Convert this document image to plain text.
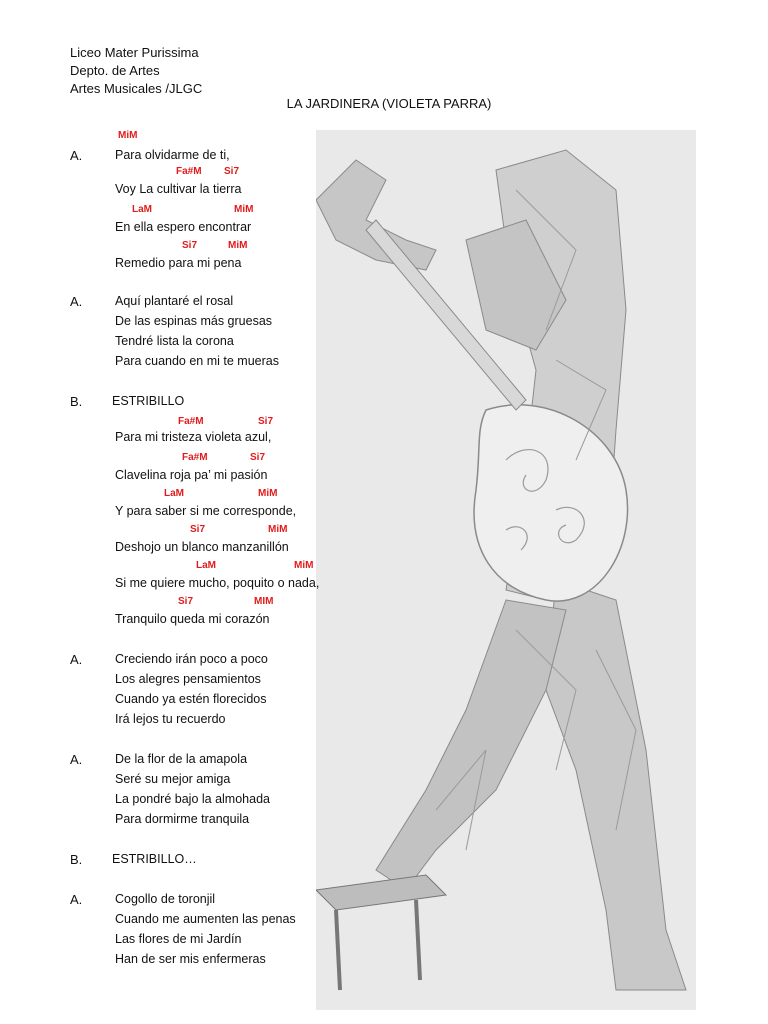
Liceo Mater Purissima
Depto. de Artes
Artes Musicales /JLGC
LA JARDINERA (VIOLETA PARRA)
MiM
A.	Para olvidarme de ti,
Fa#M Si7
Voy La cultivar la tierra
LaM	MiM
En ella espero encontrar
Si7	MiM
Remedio para mi pena
A.	Aquí plantaré el rosal
De las espinas más gruesas
Tendré lista la corona
Para cuando en mi te mueras
B. ESTRIBILLO
Fa#M	Si7
Para mi tristeza violeta azul,
Fa#M	Si7
Clavelina roja pa’ mi pasión
LaM	MiM
Y para saber si me corresponde,
Si7	MiM
Deshojo un blanco manzanillón
LaM	MiM
Si me quiere mucho, poquito o nada,
Si7	MIM
Tranquilo queda mi corazón
A.	Creciendo irán poco a poco
Los alegres pensamientos
Cuando ya estén florecidos
Irá lejos tu recuerdo
A.	De la flor de la amapola
Seré su mejor amiga
La pondré bajo la almohada
Para dormirme tranquila
B. ESTRIBILLO…
A.	Cogollo de toronjil
Cuando me aumenten las penas
Las flores de mi Jardín
Han de ser mis enfermeras
